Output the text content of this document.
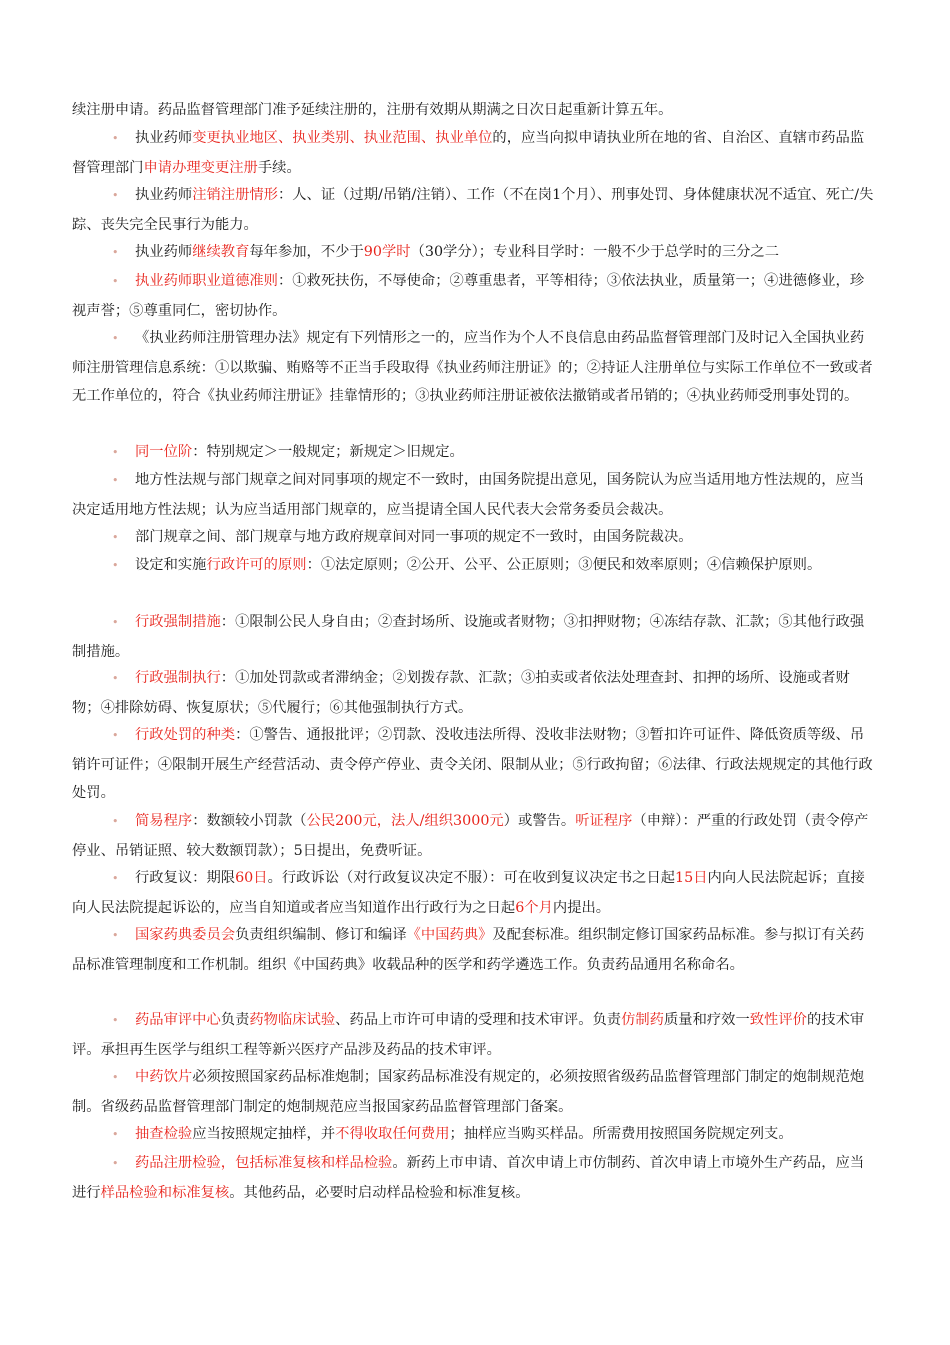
续注册申请。药品监督管理部门准予延续注册的，注册有效期从期满之日次日起重新计算五年。

• 执业药师变更执业地区、执业类别、执业范围、执业单位的，应当向拟申请执业所在地的省、自治区、直辖市药品监督管理部门申请办理变更注册手续。

• 执业药师注销注册情形：人、证（过期/吊销/注销）、工作（不在岗1个月）、刑事处罚、身体健康状况不适宜、死亡/失踪、丧失完全民事行为能力。

• 执业药师继续教育每年参加，不少于90学时（30学分）；专业科目学时：一般不少于总学时的三分之二

• 执业药师职业道德准则：①救死扶伤，不辱使命；②尊重患者，平等相待；③依法执业，质量第一；④进德修业，珍视声誉；⑤尊重同仁，密切协作。

• 《执业药师注册管理办法》规定有下列情形之一的，应当作为个人不良信息由药品监督管理部门及时记入全国执业药师注册管理信息系统：①以欺骗、贿赂等不正当手段取得《执业药师注册证》的；②持证人注册单位与实际工作单位不一致或者无工作单位的，符合《执业药师注册证》挂靠情形的；③执业药师注册证被依法撤销或者吊销的；④执业药师受刑事处罚的。

• 同一位阶：特别规定＞一般规定；新规定＞旧规定。

• 地方性法规与部门规章之间对同事项的规定不一致时，由国务院提出意见，国务院认为应当适用地方性法规的，应当决定适用地方性法规；认为应当适用部门规章的，应当提请全国人民代表大会常务委员会裁决。

• 部门规章之间、部门规章与地方政府规章间对同一事项的规定不一致时，由国务院裁决。

• 设定和实施行政许可的原则：①法定原则；②公开、公平、公正原则；③便民和效率原则；④信赖保护原则。

• 行政强制措施：①限制公民人身自由；②查封场所、设施或者财物；③扣押财物；④冻结存款、汇款；⑤其他行政强制措施。

• 行政强制执行：①加处罚款或者滞纳金；②划拨存款、汇款；③拍卖或者依法处理查封、扣押的场所、设施或者财物；④排除妨碍、恢复原状；⑤代履行；⑥其他强制执行方式。

• 行政处罚的种类：①警告、通报批评；②罚款、没收违法所得、没收非法财物；③暂扣许可证件、降低资质等级、吊销许可证件；④限制开展生产经营活动、责令停产停业、责令关闭、限制从业；⑤行政拘留；⑥法律、行政法规规定的其他行政处罚。

• 简易程序：数额较小罚款（公民200元，法人/组织3000元）或警告。听证程序（申辩）：严重的行政处罚（责令停产停业、吊销证照、较大数额罚款）；5日提出，免费听证。

• 行政复议：期限60日。行政诉讼（对行政复议决定不服）：可在收到复议决定书之日起15日内向人民法院起诉；直接向人民法院提起诉讼的，应当自知道或者应当知道作出行政行为之日起6个月内提出。

• 国家药典委员会负责组织编制、修订和编译《中国药典》及配套标准。组织制定修订国家药品标准。参与拟订有关药品标准管理制度和工作机制。组织《中国药典》收载品种的医学和药学遴选工作。负责药品通用名称命名。

• 药品审评中心负责药物临床试验、药品上市许可申请的受理和技术审评。负责仿制药质量和疗效一致性评价的技术审评。承担再生医学与组织工程等新兴医疗产品涉及药品的技术审评。

• 中药饮片必须按照国家药品标准炮制；国家药品标准没有规定的，必须按照省级药品监督管理部门制定的炮制规范炮制。省级药品监督管理部门制定的炮制规范应当报国家药品监督管理部门备案。

• 抽查检验应当按照规定抽样，并不得收取任何费用；抽样应当购买样品。所需费用按照国务院规定列支。

• 药品注册检验，包括标准复核和样品检验。新药上市申请、首次申请上市仿制药、首次申请上市境外生产药品，应当进行样品检验和标准复核。其他药品，必要时启动样品检验和标准复核。
